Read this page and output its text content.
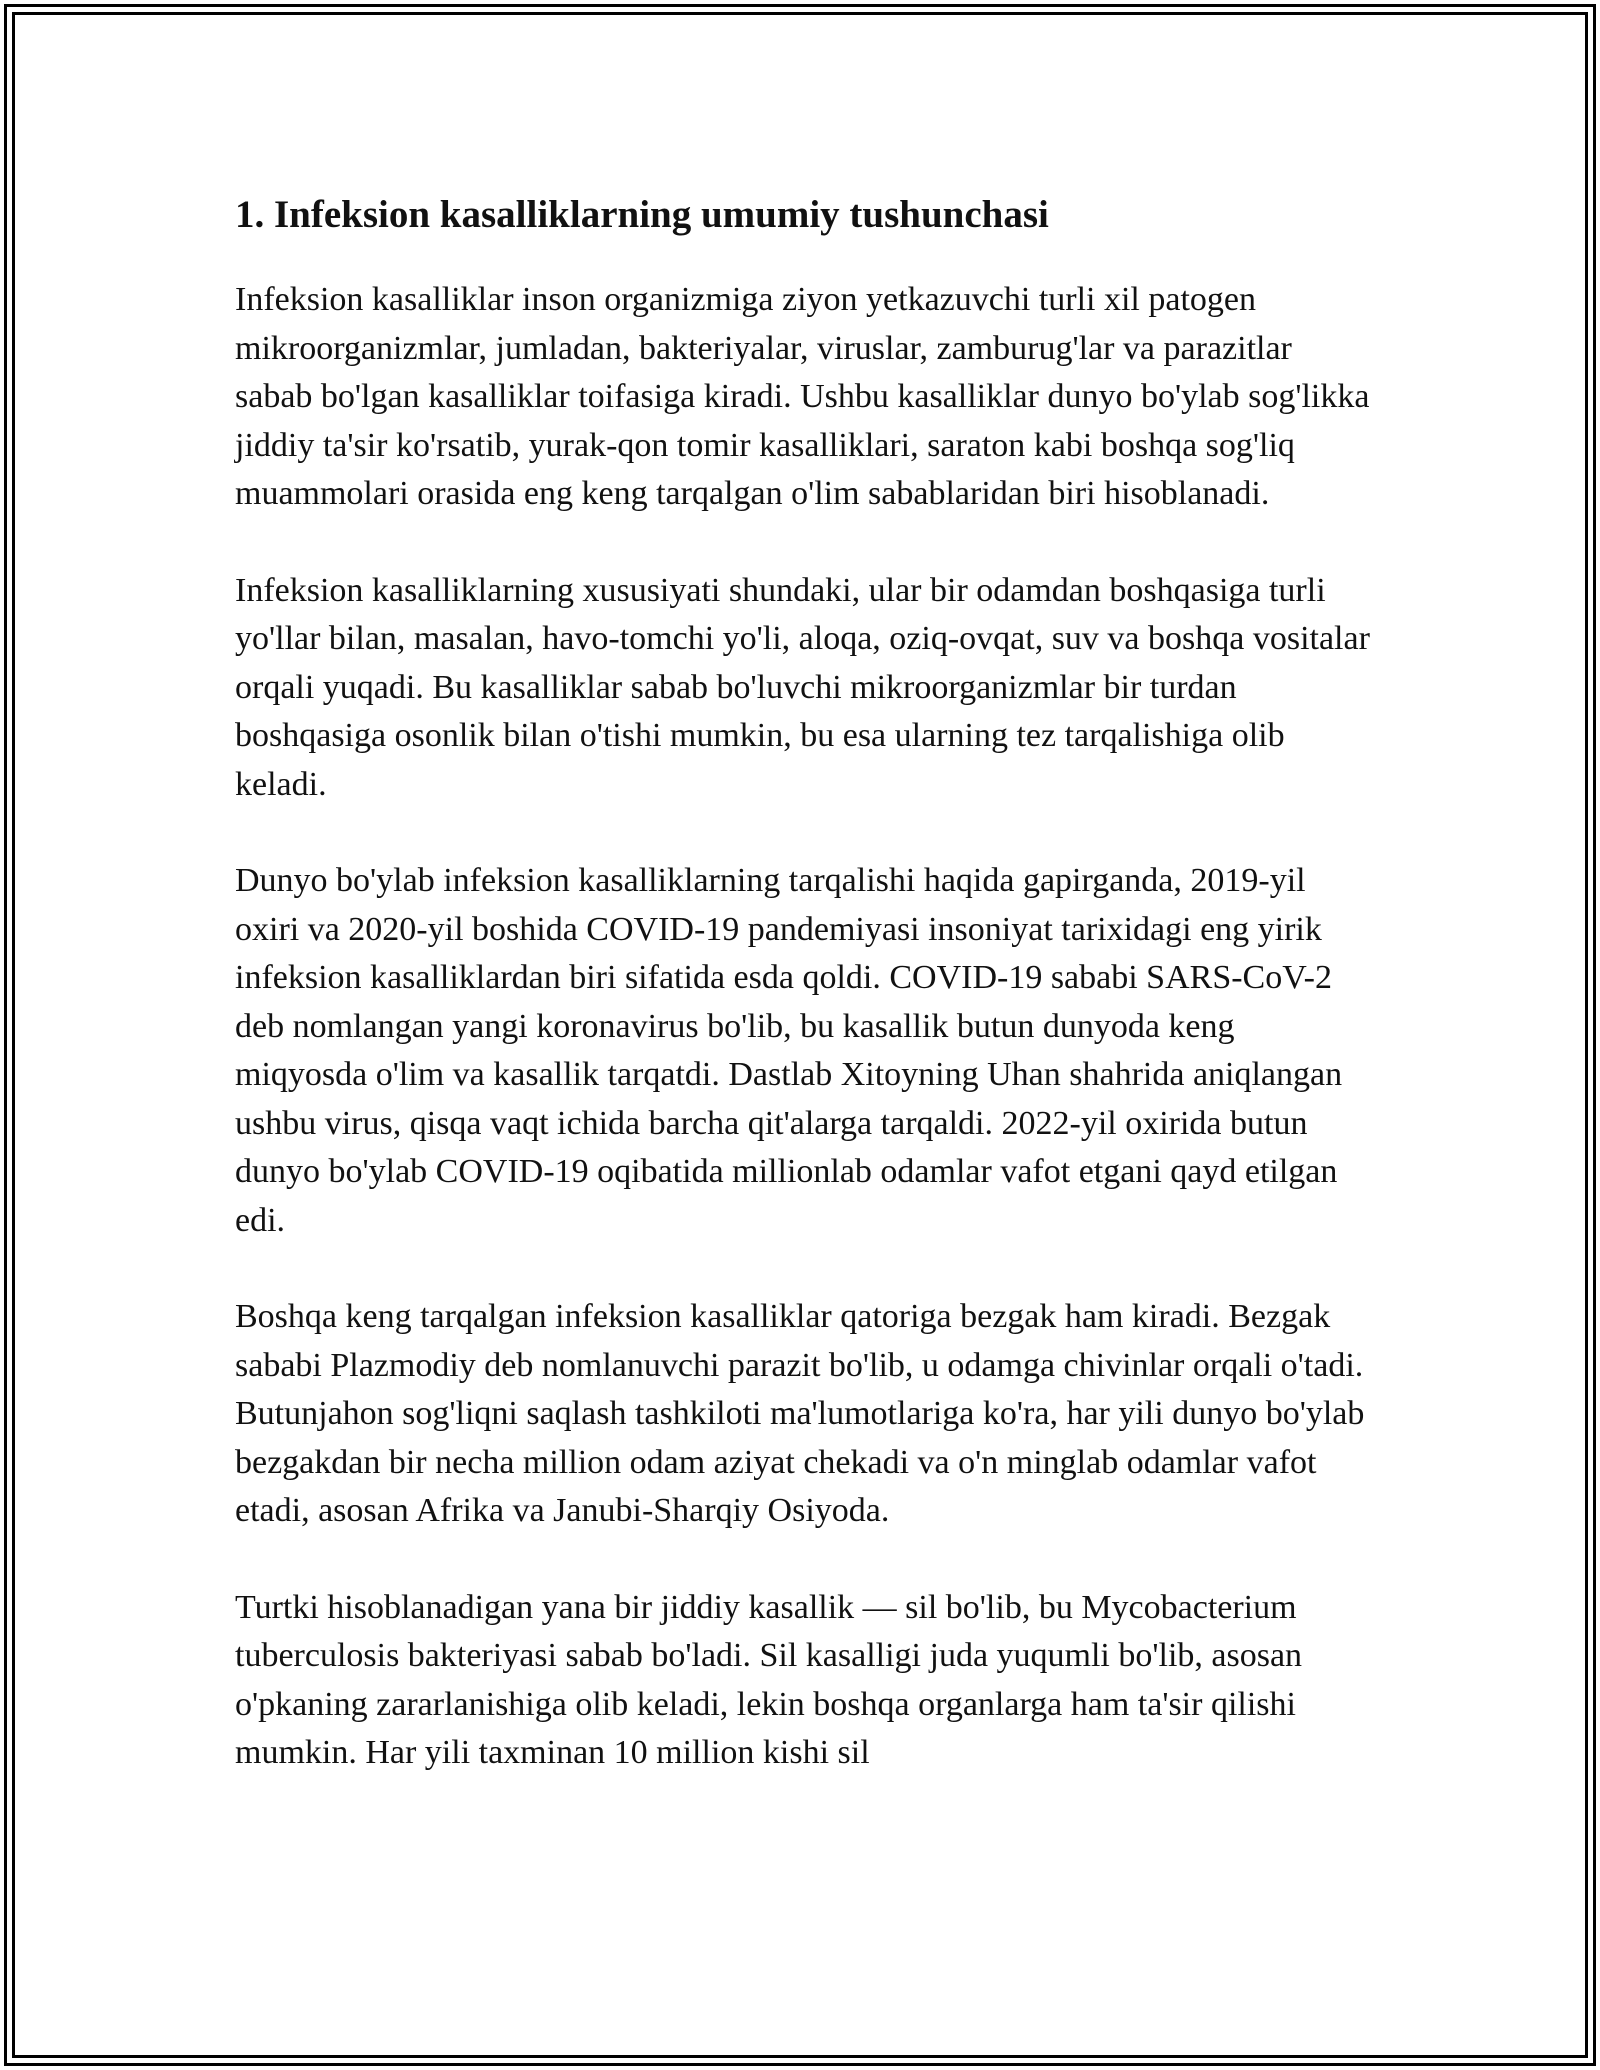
1. Infeksion kasalliklarning umumiy tushunchasi

Infeksion kasalliklar inson organizmiga ziyon yetkazuvchi turli xil patogen mikroorganizmlar, jumladan, bakteriyalar, viruslar, zamburug'lar va parazitlar sabab bo'lgan kasalliklar toifasiga kiradi. Ushbu kasalliklar dunyo bo'ylab sog'likka jiddiy ta'sir ko'rsatib, yurak-qon tomir kasalliklari, saraton kabi boshqa sog'liq muammolari orasida eng keng tarqalgan o'lim sabablaridan biri hisoblanadi.

Infeksion kasalliklarning xususiyati shundaki, ular bir odamdan boshqasiga turli yo'llar bilan, masalan, havo-tomchi yo'li, aloqa, oziq-ovqat, suv va boshqa vositalar orqali yuqadi. Bu kasalliklar sabab bo'luvchi mikroorganizmlar bir turdan boshqasiga osonlik bilan o'tishi mumkin, bu esa ularning tez tarqalishiga olib keladi.

Dunyo bo'ylab infeksion kasalliklarning tarqalishi haqida gapirganda, 2019-yil oxiri va 2020-yil boshida COVID-19 pandemiyasi insoniyat tarixidagi eng yirik infeksion kasalliklardan biri sifatida esda qoldi. COVID-19 sababi SARS-CoV-2 deb nomlangan yangi koronavirus bo'lib, bu kasallik butun dunyoda keng miqyosda o'lim va kasallik tarqatdi. Dastlab Xitoyning Uhan shahrida aniqlangan ushbu virus, qisqa vaqt ichida barcha qit'alarga tarqaldi. 2022-yil oxirida butun dunyo bo'ylab COVID-19 oqibatida millionlab odamlar vafot etgani qayd etilgan edi.

Boshqa keng tarqalgan infeksion kasalliklar qatoriga bezgak ham kiradi. Bezgak sababi Plazmodiy deb nomlanuvchi parazit bo'lib, u odamga chivinlar orqali o'tadi. Butunjahon sog'liqni saqlash tashkiloti ma'lumotlariga ko'ra, har yili dunyo bo'ylab bezgakdan bir necha million odam aziyat chekadi va o'n minglab odamlar vafot etadi, asosan Afrika va Janubi-Sharqiy Osiyoda.

Turtki hisoblanadigan yana bir jiddiy kasallik — sil bo'lib, bu Mycobacterium tuberculosis bakteriyasi sabab bo'ladi. Sil kasalligi juda yuqumli bo'lib, asosan o'pkaning zararlanishiga olib keladi, lekin boshqa organlarga ham ta'sir qilishi mumkin. Har yili taxminan 10 million kishi sil
